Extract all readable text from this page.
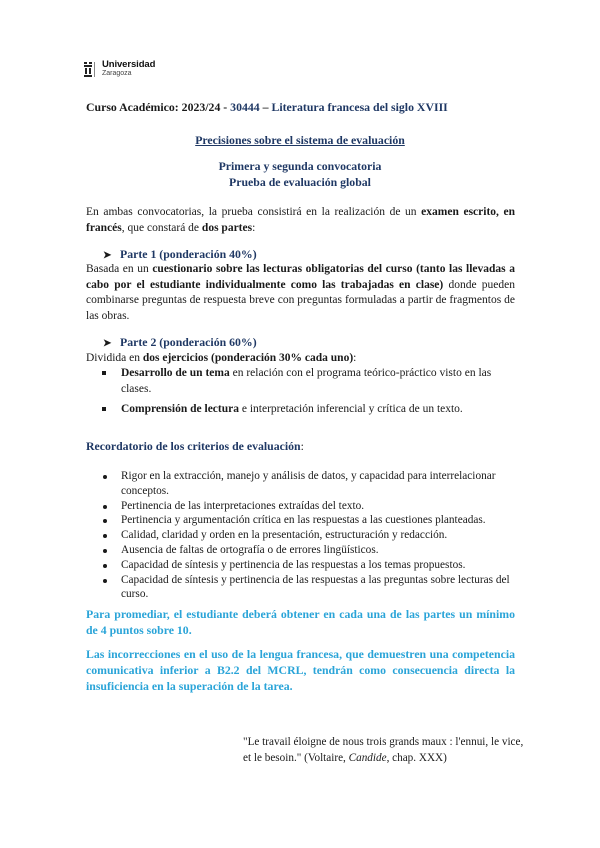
Universidad
Zaragoza
Curso Académico: 2023/24 - 30444 – Literatura francesa del siglo XVIII
Precisiones sobre el sistema de evaluación
Primera y segunda convocatoria
Prueba de evaluación global
En ambas convocatorias, la prueba consistirá en la realización de un examen escrito, en francés, que constará de dos partes:
➤ Parte 1 (ponderación 40%)
Basada en un cuestionario sobre las lecturas obligatorias del curso (tanto las llevadas a cabo por el estudiante individualmente como las trabajadas en clase) donde pueden combinarse preguntas de respuesta breve con preguntas formuladas a partir de fragmentos de las obras.
➤ Parte 2 (ponderación 60%)
Dividida en dos ejercicios (ponderación 30% cada uno):
Desarrollo de un tema en relación con el programa teórico-práctico visto en las clases.
Comprensión de lectura e interpretación inferencial y crítica de un texto.
Recordatorio de los criterios de evaluación:
Rigor en la extracción, manejo y análisis de datos, y capacidad para interrelacionar conceptos.
Pertinencia de las interpretaciones extraídas del texto.
Pertinencia y argumentación crítica en las respuestas a las cuestiones planteadas.
Calidad, claridad y orden en la presentación, estructuración y redacción.
Ausencia de faltas de ortografía o de errores lingüísticos.
Capacidad de síntesis y pertinencia de las respuestas a los temas propuestos.
Capacidad de síntesis y pertinencia de las respuestas a las preguntas sobre lecturas del curso.
Para promediar, el estudiante deberá obtener en cada una de las partes un mínimo de 4 puntos sobre 10.
Las incorrecciones en el uso de la lengua francesa, que demuestren una competencia comunicativa inferior a B2.2 del MCRL, tendrán como consecuencia directa la insuficiencia en la superación de la tarea.
"Le travail éloigne de nous trois grands maux : l'ennui, le vice, et le besoin." (Voltaire, Candide, chap. XXX)
